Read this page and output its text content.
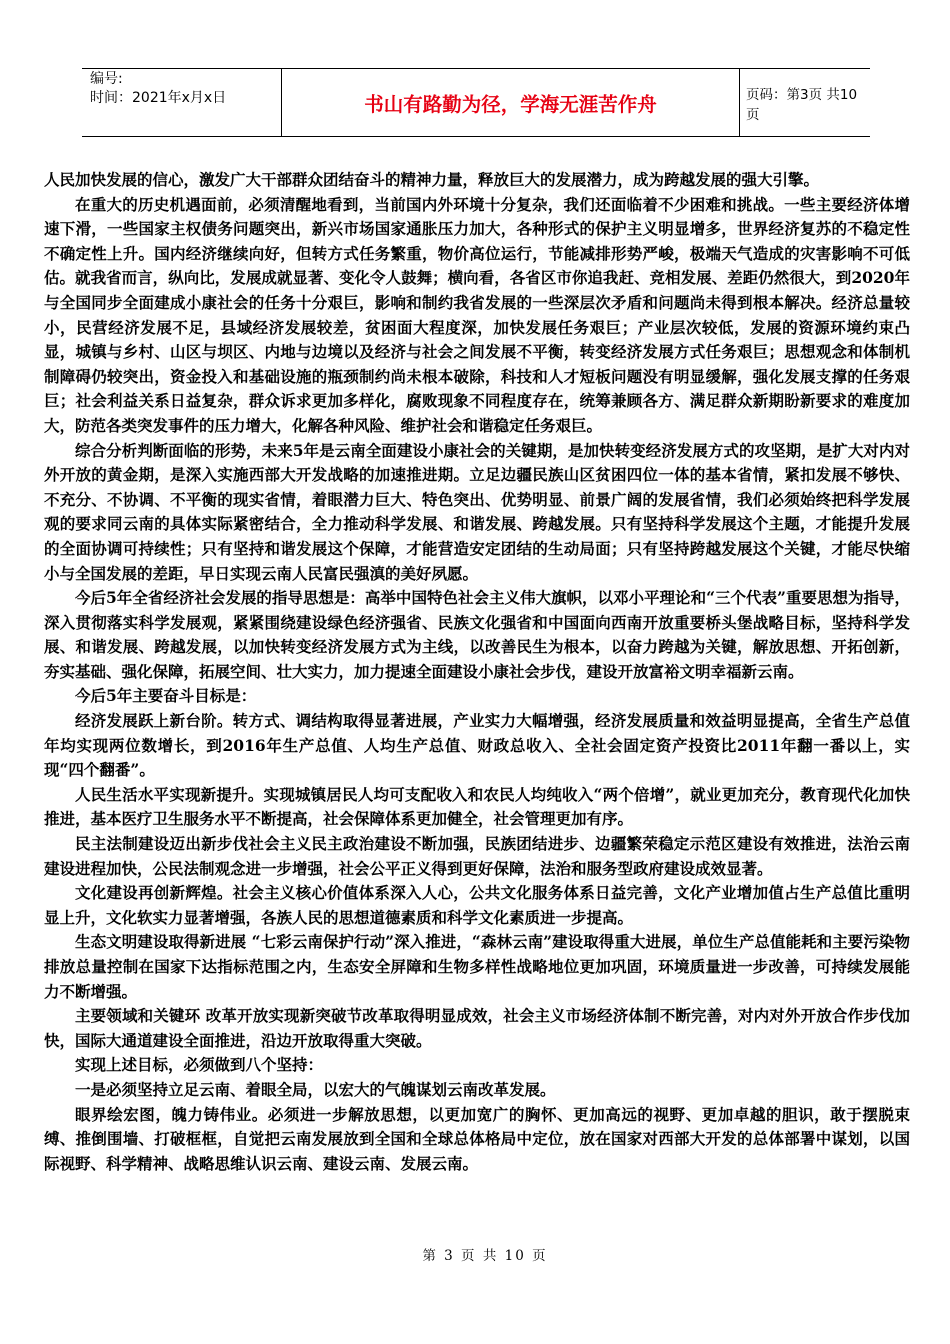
编号:
时间：2021年x月x日	书山有路勤为径，学海无涯苦作舟	页码：第3页 共10页

人民加快发展的信心，激发广大干部群众团结奋斗的精神力量，释放巨大的发展潜力，成为跨越发展的强大引擎。

在重大的历史机遇面前，必须清醒地看到，当前国内外环境十分复杂，我们还面临着不少困难和挑战。一些主要经济体增速下滑，一些国家主权债务问题突出，新兴市场国家通胀压力加大，各种形式的保护主义明显增多，世界经济复苏的不稳定性不确定性上升。国内经济继续向好，但转方式任务繁重，物价高位运行，节能减排形势严峻，极端天气造成的灾害影响不可低估。就我省而言，纵向比，发展成就显著、变化令人鼓舞；横向看，各省区市你追我赶、竞相发展、差距仍然很大，到2020年与全国同步全面建成小康社会的任务十分艰巨，影响和制约我省发展的一些深层次矛盾和问题尚未得到根本解决。经济总量较小，民营经济发展不足，县域经济发展较差，贫困面大程度深，加快发展任务艰巨；产业层次较低，发展的资源环境约束凸显，城镇与乡村、山区与坝区、内地与边境以及经济与社会之间发展不平衡，转变经济发展方式任务艰巨；思想观念和体制机制障碍仍较突出，资金投入和基础设施的瓶颈制约尚未根本破除，科技和人才短板问题没有明显缓解，强化发展支撑的任务艰巨；社会利益关系日益复杂，群众诉求更加多样化，腐败现象不同程度存在，统筹兼顾各方、满足群众新期盼新要求的难度加大，防范各类突发事件的压力增大，化解各种风险、维护社会和谐稳定任务艰巨。

综合分析判断面临的形势，未来5年是云南全面建设小康社会的关键期，是加快转变经济发展方式的攻坚期，是扩大对内对外开放的黄金期，是深入实施西部大开发战略的加速推进期。立足边疆民族山区贫困四位一体的基本省情，紧扣发展不够快、不充分、不协调、不平衡的现实省情，着眼潜力巨大、特色突出、优势明显、前景广阔的发展省情，我们必须始终把科学发展观的要求同云南的具体实际紧密结合，全力推动科学发展、和谐发展、跨越发展。只有坚持科学发展这个主题，才能提升发展的全面协调可持续性；只有坚持和谐发展这个保障，才能营造安定团结的生动局面；只有坚持跨越发展这个关键，才能尽快缩小与全国发展的差距，早日实现云南人民富民强滇的美好夙愿。

今后5年全省经济社会发展的指导思想是：高举中国特色社会主义伟大旗帜，以邓小平理论和“三个代表”重要思想为指导，深入贯彻落实科学发展观，紧紧围绕建设绿色经济强省、民族文化强省和中国面向西南开放重要桥头堡战略目标，坚持科学发展、和谐发展、跨越发展，以加快转变经济发展方式为主线，以改善民生为根本，以奋力跨越为关键，解放思想、开拓创新，夯实基础、强化保障，拓展空间、壮大实力，加力提速全面建设小康社会步伐，建设开放富裕文明幸福新云南。

今后5年主要奋斗目标是：

经济发展跃上新台阶。转方式、调结构取得显著进展，产业实力大幅增强，经济发展质量和效益明显提高，全省生产总值年均实现两位数增长，到2016年生产总值、人均生产总值、财政总收入、全社会固定资产投资比2011年翻一番以上，实现“四个翻番”。

人民生活水平实现新提升。实现城镇居民人均可支配收入和农民人均纯收入“两个倍增”，就业更加充分，教育现代化加快推进，基本医疗卫生服务水平不断提高，社会保障体系更加健全，社会管理更加有序。

民主法制建设迈出新步伐社会主义民主政治建设不断加强，民族团结进步、边疆繁荣稳定示范区建设有效推进，法治云南建设进程加快，公民法制观念进一步增强，社会公平正义得到更好保障，法治和服务型政府建设成效显著。

文化建设再创新辉煌。社会主义核心价值体系深入人心，公共文化服务体系日益完善，文化产业增加值占生产总值比重明显上升，文化软实力显著增强，各族人民的思想道德素质和科学文化素质进一步提高。

生态文明建设取得新进展 “七彩云南保护行动”深入推进，“森林云南”建设取得重大进展，单位生产总值能耗和主要污染物排放总量控制在国家下达指标范围之内，生态安全屏障和生物多样性战略地位更加巩固，环境质量进一步改善，可持续发展能力不断增强。

主要领域和关键环 改革开放实现新突破节改革取得明显成效，社会主义市场经济体制不断完善，对内对外开放合作步伐加快，国际大通道建设全面推进，沿边开放取得重大突破。

实现上述目标，必须做到八个坚持：

一是必须坚持立足云南、着眼全局，以宏大的气魄谋划云南改革发展。

眼界绘宏图，魄力铸伟业。必须进一步解放思想，以更加宽广的胸怀、更加高远的视野、更加卓越的胆识，敢于摆脱束缚、推倒围墙、打破框框，自觉把云南发展放到全国和全球总体格局中定位，放在国家对西部大开发的总体部署中谋划，以国际视野、科学精神、战略思维认识云南、建设云南、发展云南。

第 3 页 共 10 页
